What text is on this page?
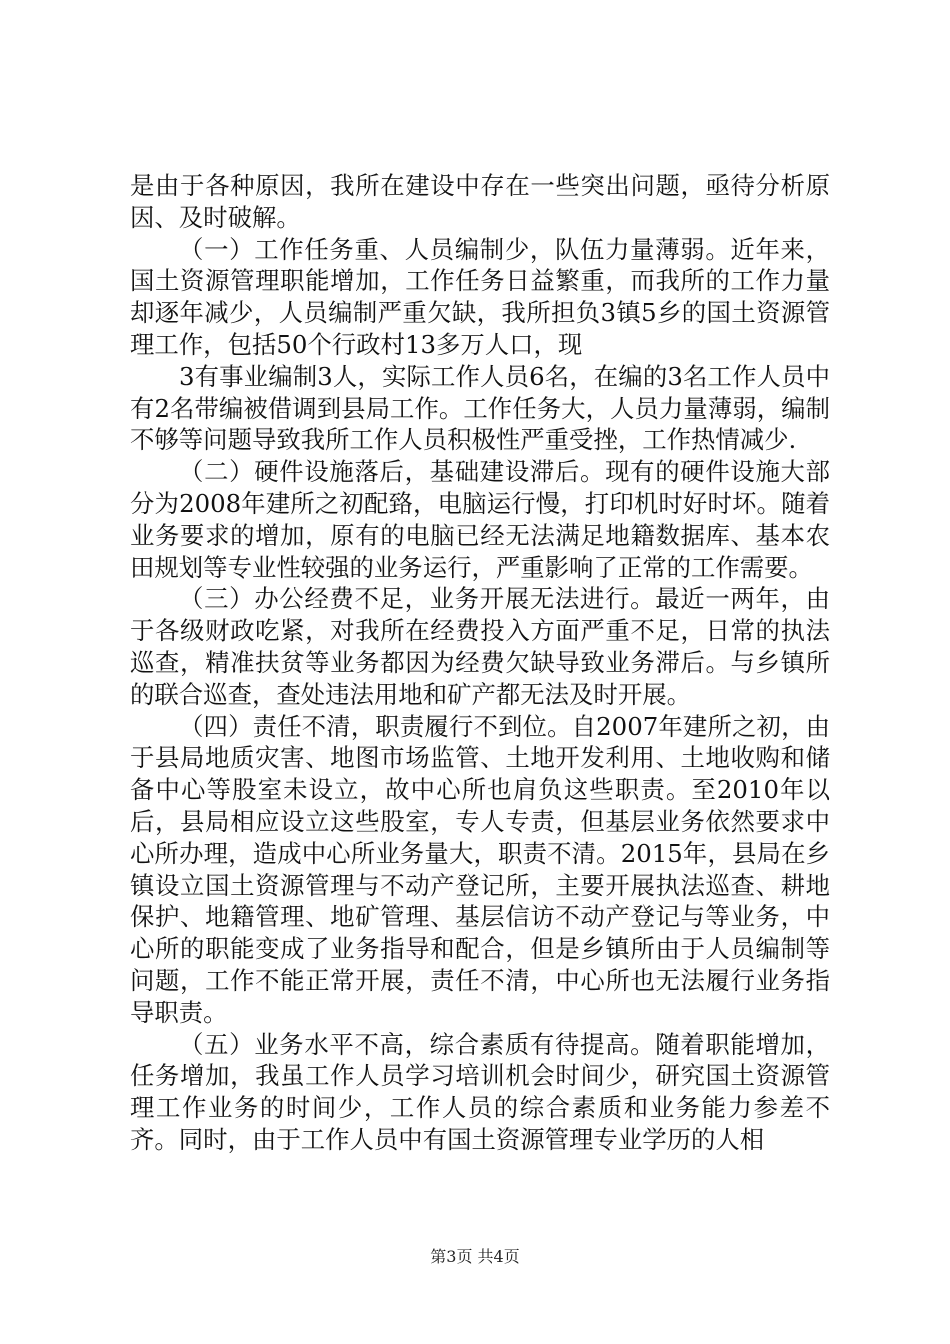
是由于各种原因，我所在建设中存在一些突出问题，亟待分析原因、及时破解。

（一）工作任务重、人员编制少，队伍力量薄弱。近年来，国土资源管理职能增加，工作任务日益繁重，而我所的工作力量却逐年减少，人员编制严重欠缺，我所担负3镇5乡的国土资源管理工作，包括50个行政村13多万人口，现

3有事业编制3人，实际工作人员6名，在编的3名工作人员中有2名带编被借调到县局工作。工作任务大，人员力量薄弱，编制不够等问题导致我所工作人员积极性严重受挫，工作热情减少.

（二）硬件设施落后，基础建设滞后。现有的硬件设施大部分为2008年建所之初配臵，电脑运行慢，打印机时好时坏。随着业务要求的增加，原有的电脑已经无法满足地籍数据库、基本农田规划等专业性较强的业务运行，严重影响了正常的工作需要。

（三）办公经费不足，业务开展无法进行。最近一两年，由于各级财政吃紧，对我所在经费投入方面严重不足，日常的执法巡查，精准扶贫等业务都因为经费欠缺导致业务滞后。与乡镇所的联合巡查，查处违法用地和矿产都无法及时开展。

（四）责任不清，职责履行不到位。自2007年建所之初，由于县局地质灾害、地图市场监管、土地开发利用、土地收购和储备中心等股室未设立，故中心所也肩负这些职责。至2010年以后，县局相应设立这些股室，专人专责，但基层业务依然要求中心所办理，造成中心所业务量大，职责不清。2015年，县局在乡镇设立国土资源管理与不动产登记所，主要开展执法巡查、耕地保护、地籍管理、地矿管理、基层信访不动产登记与等业务，中心所的职能变成了业务指导和配合，但是乡镇所由于人员编制等问题，工作不能正常开展，责任不清，中心所也无法履行业务指导职责。

（五）业务水平不高，综合素质有待提高。随着职能增加，任务增加，我虽工作人员学习培训机会时间少，研究国土资源管理工作业务的时间少，工作人员的综合素质和业务能力参差不齐。同时，由于工作人员中有国土资源管理专业学历的人相

第3页 共4页
